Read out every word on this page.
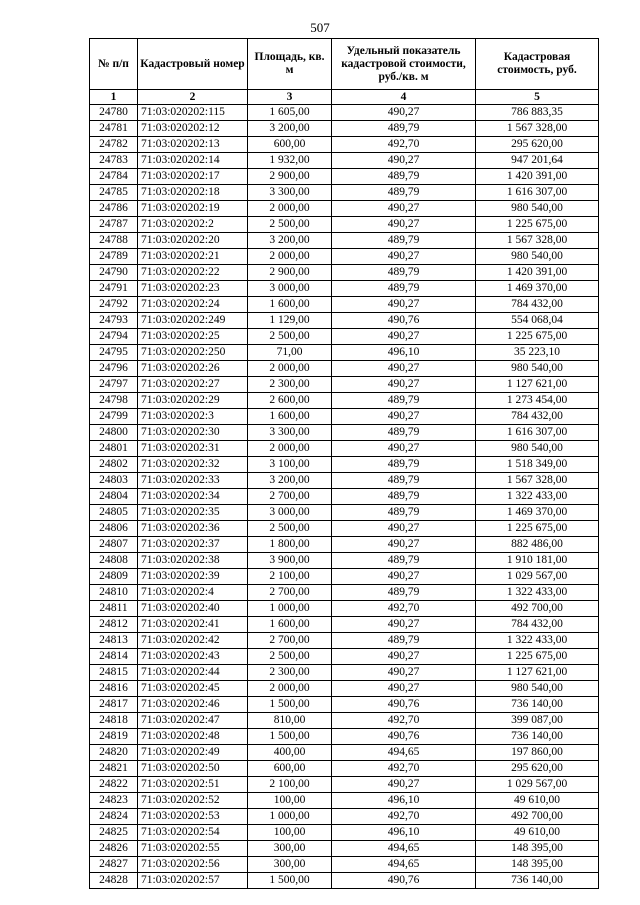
507
№ п/п	Кадастровый номер	Площадь, кв. м	Удельный показатель кадастровой стоимости, руб./кв. м	Кадастровая стоимость, руб.
1	2	3	4	5
24780	71:03:020202:115	1 605,00	490,27	786 883,35
24781	71:03:020202:12	3 200,00	489,79	1 567 328,00
24782	71:03:020202:13	600,00	492,70	295 620,00
24783	71:03:020202:14	1 932,00	490,27	947 201,64
24784	71:03:020202:17	2 900,00	489,79	1 420 391,00
24785	71:03:020202:18	3 300,00	489,79	1 616 307,00
24786	71:03:020202:19	2 000,00	490,27	980 540,00
24787	71:03:020202:2	2 500,00	490,27	1 225 675,00
24788	71:03:020202:20	3 200,00	489,79	1 567 328,00
24789	71:03:020202:21	2 000,00	490,27	980 540,00
24790	71:03:020202:22	2 900,00	489,79	1 420 391,00
24791	71:03:020202:23	3 000,00	489,79	1 469 370,00
24792	71:03:020202:24	1 600,00	490,27	784 432,00
24793	71:03:020202:249	1 129,00	490,76	554 068,04
24794	71:03:020202:25	2 500,00	490,27	1 225 675,00
24795	71:03:020202:250	71,00	496,10	35 223,10
24796	71:03:020202:26	2 000,00	490,27	980 540,00
24797	71:03:020202:27	2 300,00	490,27	1 127 621,00
24798	71:03:020202:29	2 600,00	489,79	1 273 454,00
24799	71:03:020202:3	1 600,00	490,27	784 432,00
24800	71:03:020202:30	3 300,00	489,79	1 616 307,00
24801	71:03:020202:31	2 000,00	490,27	980 540,00
24802	71:03:020202:32	3 100,00	489,79	1 518 349,00
24803	71:03:020202:33	3 200,00	489,79	1 567 328,00
24804	71:03:020202:34	2 700,00	489,79	1 322 433,00
24805	71:03:020202:35	3 000,00	489,79	1 469 370,00
24806	71:03:020202:36	2 500,00	490,27	1 225 675,00
24807	71:03:020202:37	1 800,00	490,27	882 486,00
24808	71:03:020202:38	3 900,00	489,79	1 910 181,00
24809	71:03:020202:39	2 100,00	490,27	1 029 567,00
24810	71:03:020202:4	2 700,00	489,79	1 322 433,00
24811	71:03:020202:40	1 000,00	492,70	492 700,00
24812	71:03:020202:41	1 600,00	490,27	784 432,00
24813	71:03:020202:42	2 700,00	489,79	1 322 433,00
24814	71:03:020202:43	2 500,00	490,27	1 225 675,00
24815	71:03:020202:44	2 300,00	490,27	1 127 621,00
24816	71:03:020202:45	2 000,00	490,27	980 540,00
24817	71:03:020202:46	1 500,00	490,76	736 140,00
24818	71:03:020202:47	810,00	492,70	399 087,00
24819	71:03:020202:48	1 500,00	490,76	736 140,00
24820	71:03:020202:49	400,00	494,65	197 860,00
24821	71:03:020202:50	600,00	492,70	295 620,00
24822	71:03:020202:51	2 100,00	490,27	1 029 567,00
24823	71:03:020202:52	100,00	496,10	49 610,00
24824	71:03:020202:53	1 000,00	492,70	492 700,00
24825	71:03:020202:54	100,00	496,10	49 610,00
24826	71:03:020202:55	300,00	494,65	148 395,00
24827	71:03:020202:56	300,00	494,65	148 395,00
24828	71:03:020202:57	1 500,00	490,76	736 140,00
